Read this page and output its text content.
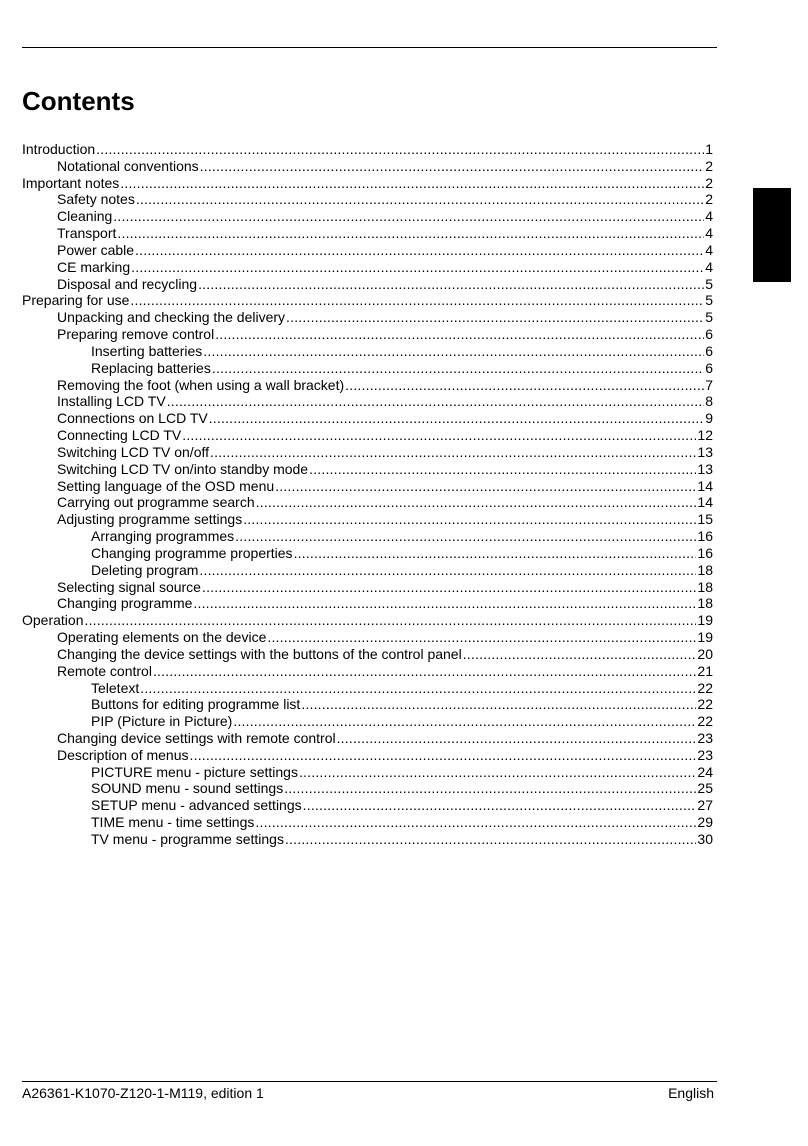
Contents
Introduction .....	1
Notational conventions .....	2
Important notes .....	2
Safety notes .....	2
Cleaning .....	4
Transport .....	4
Power cable .....	4
CE marking .....	4
Disposal and recycling .....	5
Preparing for use .....	5
Unpacking and checking the delivery .....	5
Preparing remove control .....	6
Inserting batteries .....	6
Replacing batteries .....	6
Removing the foot (when using a wall bracket) .....	7
Installing LCD TV .....	8
Connections on LCD TV .....	9
Connecting LCD TV .....	12
Switching LCD TV on/off .....	13
Switching LCD TV on/into standby mode .....	13
Setting language of the OSD menu .....	14
Carrying out programme search .....	14
Adjusting programme settings .....	15
Arranging programmes .....	16
Changing programme properties .....	16
Deleting program .....	18
Selecting signal source .....	18
Changing programme .....	18
Operation .....	19
Operating elements on the device .....	19
Changing the device settings with the buttons of the control panel .....	20
Remote control .....	21
Teletext .....	22
Buttons for editing programme list .....	22
PIP (Picture in Picture) .....	22
Changing device settings with remote control .....	23
Description of menus .....	23
PICTURE menu - picture settings .....	24
SOUND menu - sound settings .....	25
SETUP menu - advanced settings .....	27
TIME menu - time settings .....	29
TV menu - programme settings .....	30
A26361-K1070-Z120-1-M119, edition 1	English
